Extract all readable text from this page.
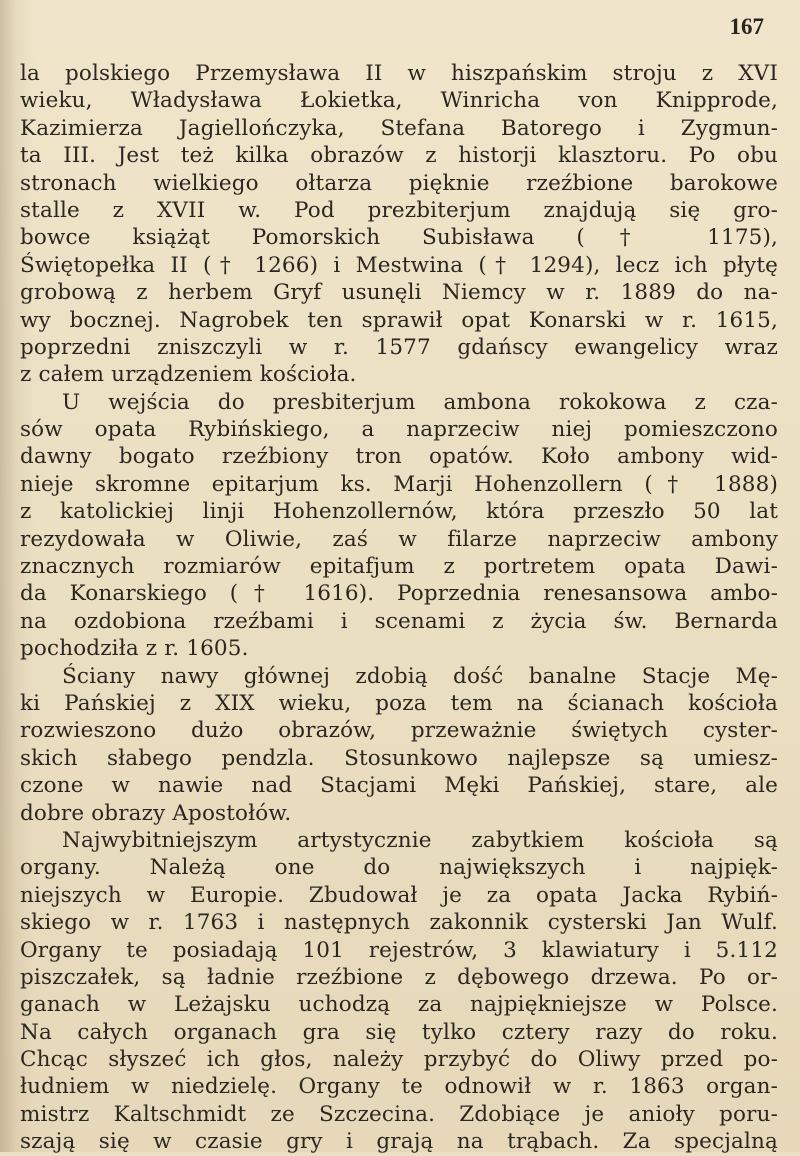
167
la polskiego Przemysława II w hiszpańskim stroju z XVI
wieku, Władysława Łokietka, Winricha von Knipprode,
Kazimierza Jagiellończyka, Stefana Batorego i Zygmun-
ta III. Jest też kilka obrazów z historji klasztoru. Po obu
stronach wielkiego ołtarza pięknie rzeźbione barokowe
stalle z XVII w. Pod prezbiterjum znajdują się gro-
bowce książąt Pomorskich Subisława († 1175),
Świętopełka II († 1266) i Mestwina († 1294), lecz ich płytę
grobową z herbem Gryf usunęli Niemcy w r. 1889 do na-
wy bocznej. Nagrobek ten sprawił opat Konarski w r. 1615,
poprzedni zniszczyli w r. 1577 gdańscy ewangelicy wraz
z całem urządzeniem kościoła.
U wejścia do presbiterjum ambona rokokowa z cza-
sów opata Rybińskiego, a naprzeciw niej pomieszczono
dawny bogato rzeźbiony tron opatów. Koło ambony wid-
nieje skromne epitarjum ks. Marji Hohenzollern († 1888)
z katolickiej linji Hohenzollernów, która przeszło 50 lat
rezydowała w Oliwie, zaś w filarze naprzeciw ambony
znacznych rozmiarów epitafjum z portretem opata Dawi-
da Konarskiego († 1616). Poprzednia renesansowa ambo-
na ozdobiona rzeźbami i scenami z życia św. Bernarda
pochodziła z r. 1605.
Ściany nawy głównej zdobią dość banalne Stacje Mę-
ki Pańskiej z XIX wieku, poza tem na ścianach kościoła
rozwieszono dużo obrazów, przeważnie świętych cyster-
skich słabego pendzla. Stosunkowo najlepsze są umiesz-
czone w nawie nad Stacjami Męki Pańskiej, stare, ale
dobre obrazy Apostołów.
Najwybitniejszym artystycznie zabytkiem kościoła są
organy. Należą one do największych i najpięk-
niejszych w Europie. Zbudował je za opata Jacka Rybiń-
skiego w r. 1763 i następnych zakonnik cysterski Jan Wulf.
Organy te posiadają 101 rejestrów, 3 klawiatury i 5.112
piszczałek, są ładnie rzeźbione z dębowego drzewa. Po or-
ganach w Leżajsku uchodzą za najpiękniejsze w Polsce.
Na całych organach gra się tylko cztery razy do roku.
Chcąc słyszeć ich głos, należy przybyć do Oliwy przed po-
łudniem w niedzielę. Organy te odnowił w r. 1863 organ-
mistrz Kaltschmidt ze Szczecina. Zdobiące je anioły poru-
szają się w czasie gry i grają na trąbach. Za specjalną
